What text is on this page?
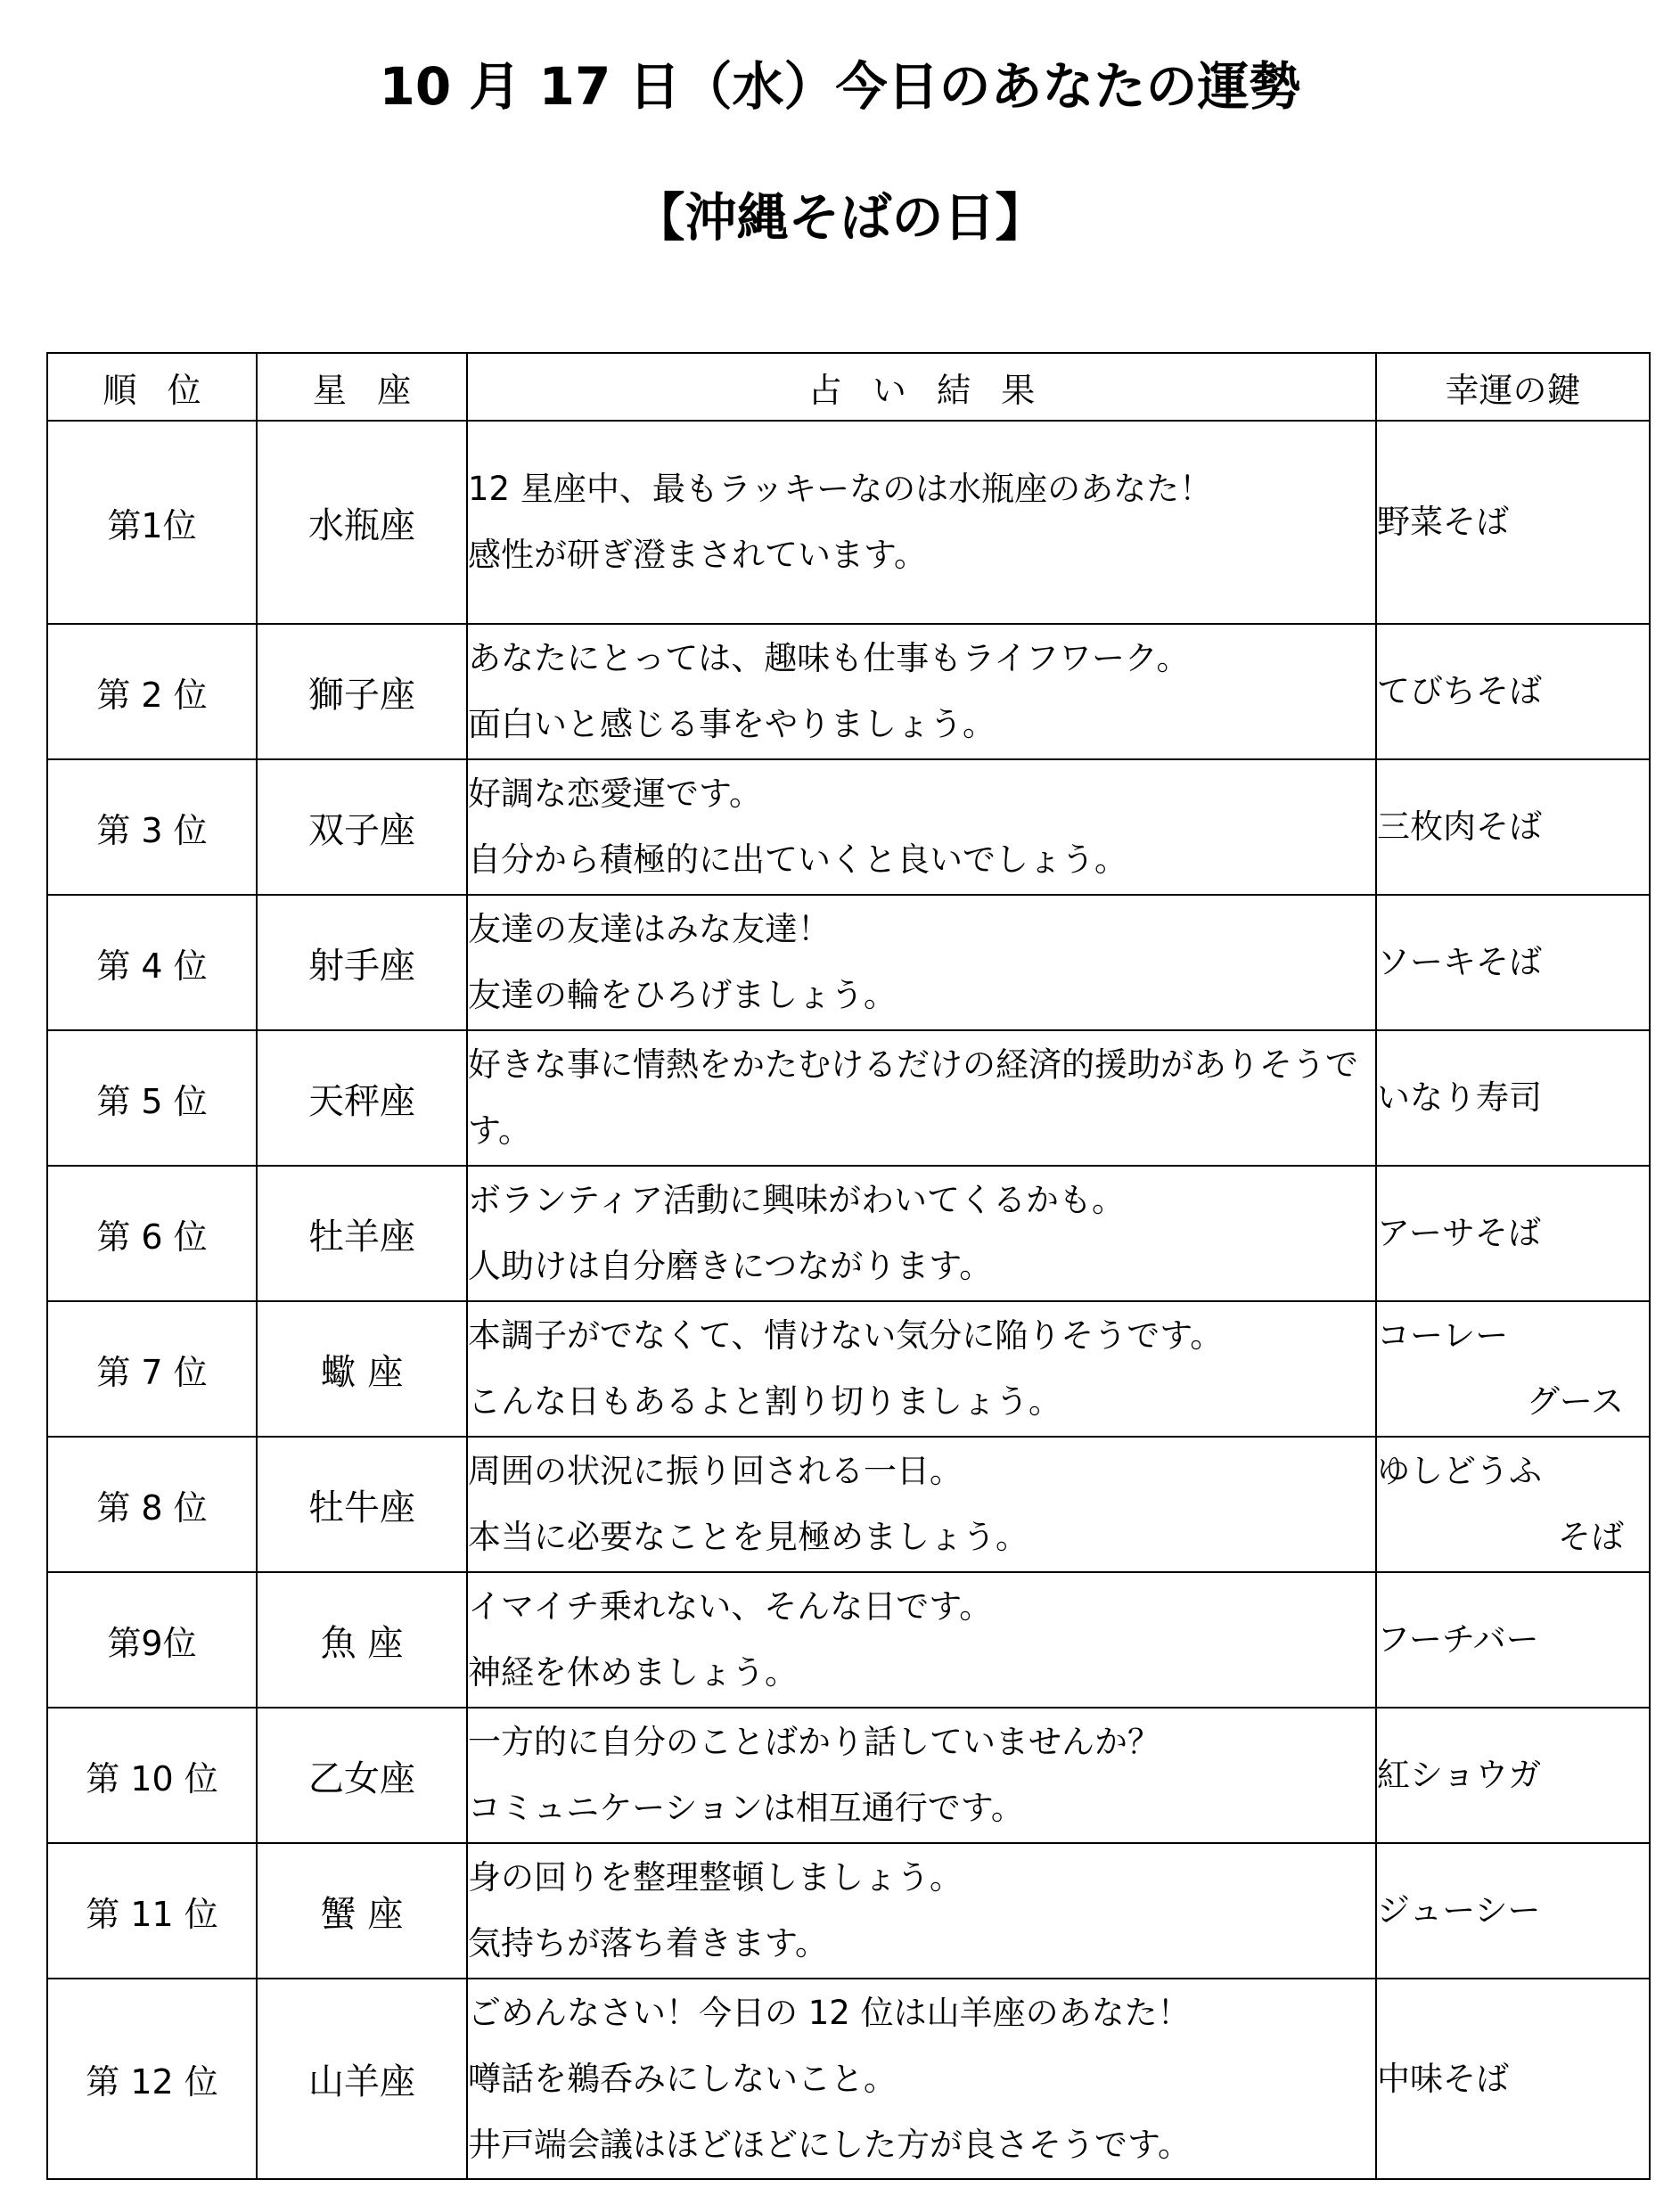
10 月 17 日（水）今日のあなたの運勢
【沖縄そばの日】
順位	星座	占い結果	幸運の鍵
第1位	水瓶座	12 星座中、最もラッキーなのは水瓶座のあなた！
感性が研ぎ澄まされています。	野菜そば
第 2 位	獅子座	あなたにとっては、趣味も仕事もライフワーク。
面白いと感じる事をやりましょう。	てびちそば
第 3 位	双子座	好調な恋愛運です。
自分から積極的に出ていくと良いでしょう。	三枚肉そば
第 4 位	射手座	友達の友達はみな友達！
友達の輪をひろげましょう。	ソーキそば
第 5 位	天秤座	好きな事に情熱をかたむけるだけの経済的援助がありそうです。	いなり寿司
第 6 位	牡羊座	ボランティア活動に興味がわいてくるかも。
人助けは自分磨きにつながります。	アーサそば
第 7 位	蠍 座	本調子がでなくて、情けない気分に陥りそうです。
こんな日もあるよと割り切りましょう。	コーレー
グース

第 8 位	牡牛座	周囲の状況に振り回される一日。
本当に必要なことを見極めましょう。	ゆしどうふ
そば

第9位	魚 座	イマイチ乗れない、そんな日です。
神経を休めましょう。	フーチバー
第 10 位	乙女座	一方的に自分のことばかり話していませんか？
コミュニケーションは相互通行です。	紅ショウガ
第 11 位	蟹 座	身の回りを整理整頓しましょう。
気持ちが落ち着きます。	ジューシー
第 12 位	山羊座	ごめんなさい！今日の 12 位は山羊座のあなた！
噂話を鵜呑みにしないこと。
井戸端会議はほどほどにした方が良さそうです。	中味そば
